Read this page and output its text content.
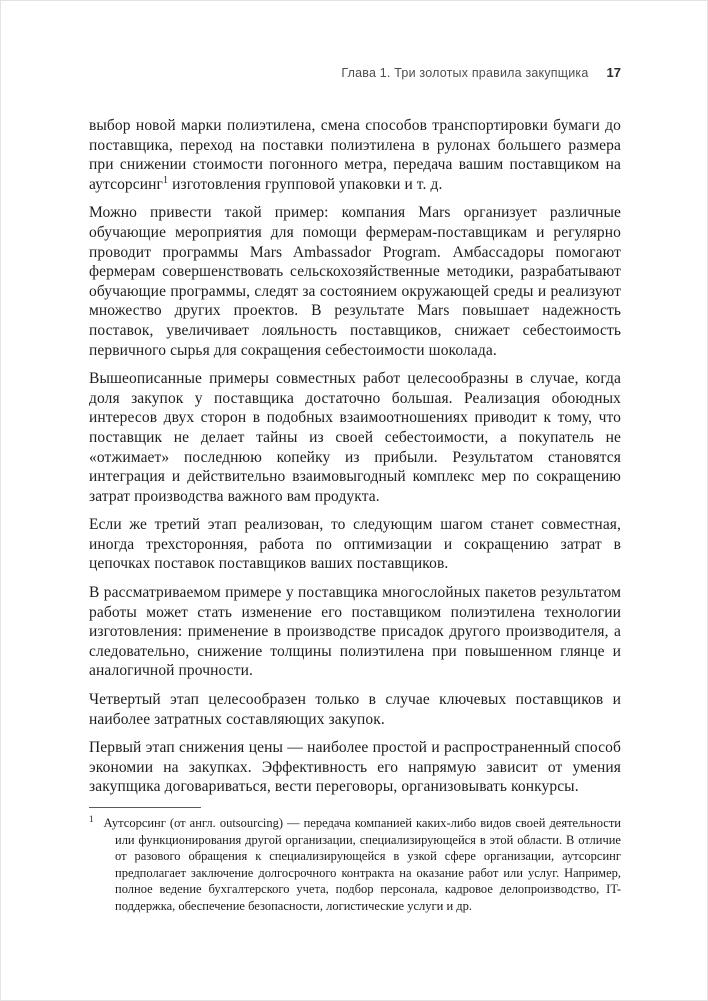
Глава 1. Три золотых правила закупщика 17

выбор новой марки полиэтилена, смена способов транспортировки бумаги до поставщика, переход на поставки полиэтилена в рулонах большего размера при снижении стоимости погонного метра, передача вашим поставщиком на аутсорсинг$^1$ изготовления групповой упаковки и т. д.

Можно привести такой пример: компания Mars организует различные обучающие мероприятия для помощи фермерам-поставщикам и регулярно проводит программы Mars Ambassador Program. Амбассадоры помогают фермерам совершенствовать сельскохозяйственные методики, разрабатывают обучающие программы, следят за состоянием окружающей среды и реализуют множество других проектов. В результате Mars повышает надежность поставок, увеличивает лояльность поставщиков, снижает себестоимость первичного сырья для сокращения себестоимости шоколада.

Вышеописанные примеры совместных работ целесообразны в случае, когда доля закупок у поставщика достаточно большая. Реализация обоюдных интересов двух сторон в подобных взаимоотношениях приводит к тому, что поставщик не делает тайны из своей себестоимости, а покупатель не «отжимает» последнюю копейку из прибыли. Результатом становятся интеграция и действительно взаимовыгодный комплекс мер по сокращению затрат производства важного вам продукта.

Если же третий этап реализован, то следующим шагом станет совместная, иногда трехсторонняя, работа по оптимизации и сокращению затрат в цепочках поставок поставщиков ваших поставщиков.

В рассматриваемом примере у поставщика многослойных пакетов результатом работы может стать изменение его поставщиком полиэтилена технологии изготовления: применение в производстве присадок другого производителя, а следовательно, снижение толщины полиэтилена при повышенном глянце и аналогичной прочности.

Четвертый этап целесообразен только в случае ключевых поставщиков и наиболее затратных составляющих закупок.

Первый этап снижения цены — наиболее простой и распространенный способ экономии на закупках. Эффективность его напрямую зависит от умения закупщика договариваться, вести переговоры, организовывать конкурсы.

$^1$ Аутсорсинг (от англ. outsourcing) — передача компанией каких-либо видов своей деятельности или функционирования другой организации, специализирующейся в этой области. В отличие от разового обращения к специализирующейся в узкой сфере организации, аутсорсинг предполагает заключение долгосрочного контракта на оказание работ или услуг. Например, полное ведение бухгалтерского учета, подбор персонала, кадровое делопроизводство, IT-поддержка, обеспечение безопасности, логистические услуги и др.
